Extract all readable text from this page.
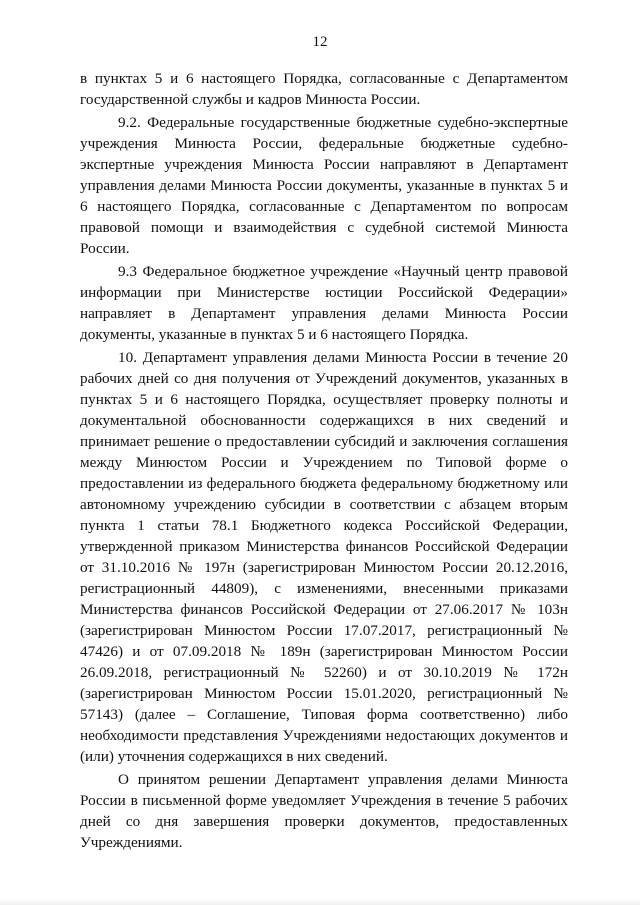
12

в пунктах 5 и 6 настоящего Порядка, согласованные с Департаментом государственной службы и кадров Минюста России.

9.2. Федеральные государственные бюджетные судебно-экспертные учреждения Минюста России, федеральные бюджетные судебно-экспертные учреждения Минюста России направляют в Департамент управления делами Минюста России документы, указанные в пунктах 5 и 6 настоящего Порядка, согласованные с Департаментом по вопросам правовой помощи и взаимодействия с судебной системой Минюста России.

9.3 Федеральное бюджетное учреждение «Научный центр правовой информации при Министерстве юстиции Российской Федерации» направляет в Департамент управления делами Минюста России документы, указанные в пунктах 5 и 6 настоящего Порядка.

10. Департамент управления делами Минюста России в течение 20 рабочих дней со дня получения от Учреждений документов, указанных в пунктах 5 и 6 настоящего Порядка, осуществляет проверку полноты и документальной обоснованности содержащихся в них сведений и принимает решение о предоставлении субсидий и заключения соглашения между Минюстом России и Учреждением по Типовой форме о предоставлении из федерального бюджета федеральному бюджетному или автономному учреждению субсидии в соответствии с абзацем вторым пункта 1 статьи 78.1 Бюджетного кодекса Российской Федерации, утвержденной приказом Министерства финансов Российской Федерации от 31.10.2016 № 197н (зарегистрирован Минюстом России 20.12.2016, регистрационный 44809), с изменениями, внесенными приказами Министерства финансов Российской Федерации от 27.06.2017 № 103н (зарегистрирован Минюстом России 17.07.2017, регистрационный № 47426) и от 07.09.2018 № 189н (зарегистрирован Минюстом России 26.09.2018, регистрационный № 52260) и от 30.10.2019 № 172н (зарегистрирован Минюстом России 15.01.2020, регистрационный № 57143) (далее – Соглашение, Типовая форма соответственно) либо необходимости представления Учреждениями недостающих документов и (или) уточнения содержащихся в них сведений.

О принятом решении Департамент управления делами Минюста России в письменной форме уведомляет Учреждения в течение 5 рабочих дней со дня завершения проверки документов, предоставленных Учреждениями.
